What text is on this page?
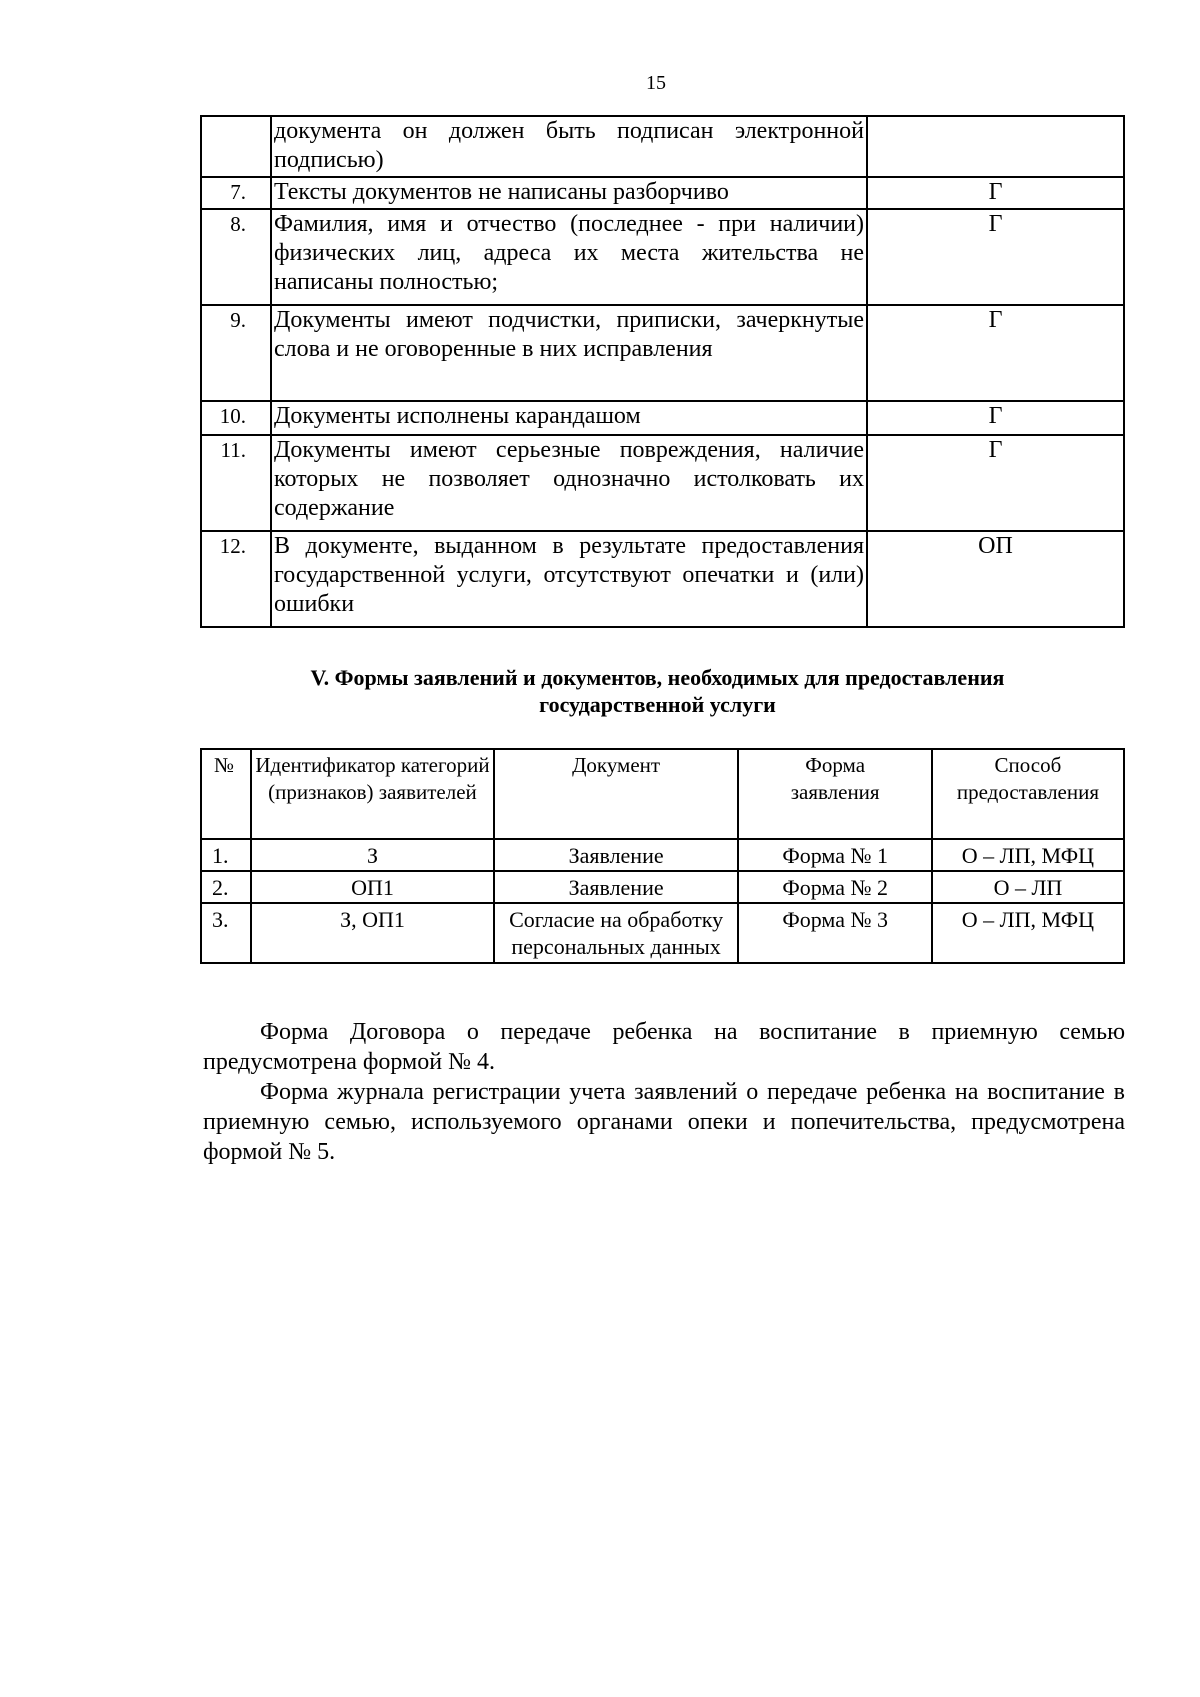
15
	документа он должен быть подписан электронной подписью)	
7.	Тексты документов не написаны разборчиво	Г
8.	Фамилия, имя и отчество (последнее - при наличии) физических лиц, адреса их места жительства не написаны полностью;	Г
9.	Документы имеют подчистки, приписки, зачеркнутые слова и не оговоренные в них исправления	Г
10.	Документы исполнены карандашом	Г
11.	Документы имеют серьезные повреждения, наличие которых не позволяет однозначно истолковать их содержание	Г
12.	В документе, выданном в результате предоставления государственной услуги, отсутствуют опечатки и (или) ошибки	ОП
V. Формы заявлений и документов, необходимых для предоставления
государственной услуги
№	Идентификатор категорий (признаков) заявителей	Документ	Форма заявления	Способ предоставления
1.	З	Заявление	Форма № 1	О – ЛП, МФЦ
2.	ОП1	Заявление	Форма № 2	О – ЛП
3.	З, ОП1	Согласие на обработку персональных данных	Форма № 3	О – ЛП, МФЦ

Форма Договора о передаче ребенка на воспитание в приемную семью предусмотрена формой № 4.

Форма журнала регистрации учета заявлений о передаче ребенка на воспитание в приемную семью, используемого органами опеки и попечительства, предусмотрена формой № 5.
